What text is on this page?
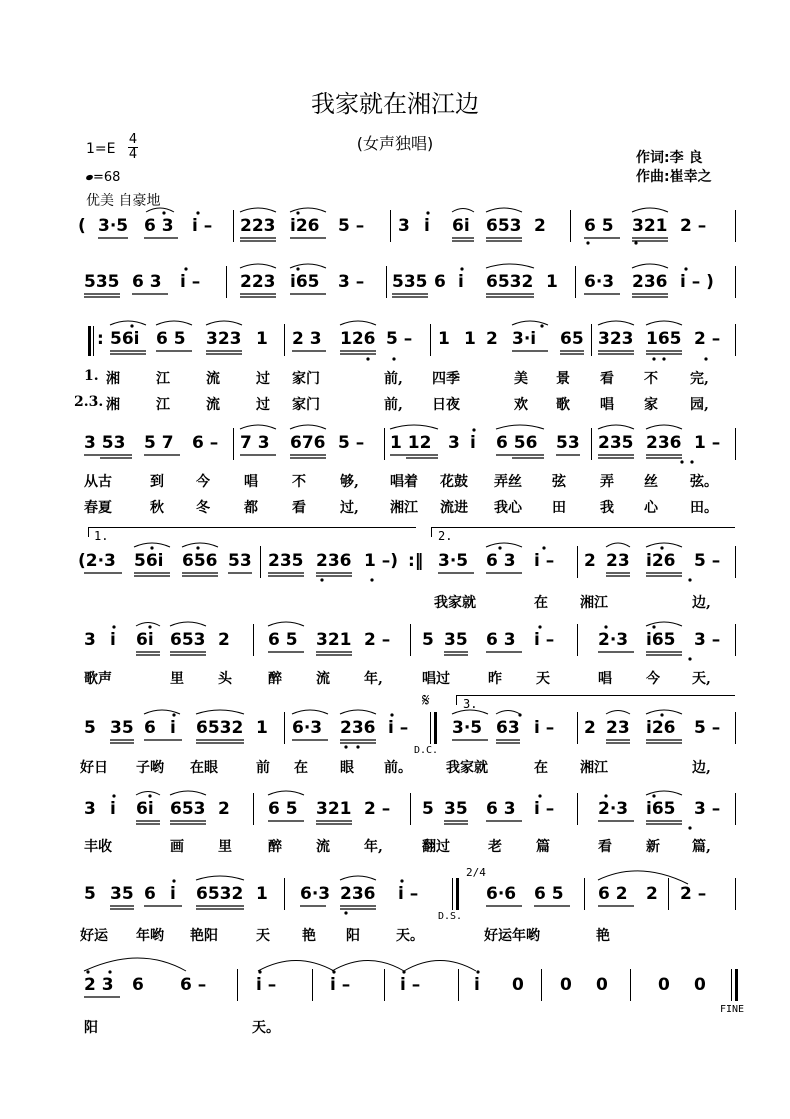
我家就在湘江边
(女声独唱)
作词:李 良
作曲:崔幸之
1=E
4
4
=68
优美 自豪地
( 3·5 6 3 i – 223 i26 5 – 3 i 6i 653 2 6 5 321 2 –
535 6 3 i – 223 i65 3 – 535 6 i 6532 1 6·3 236 i – )
: 56i 6 5 323 1 2 3 126 5 – 1 1 2 3·i 65 323 165 2 –
1. 湘	江	流	过 家门	前, 四季	美 景 看 不 完,
2.3. 湘	江	流	过 家门	前, 日夜	欢 歌 唱 家 园,
3 53 5 7 6 – 7 3 676 5 – 1 12 3 i 6 56 53 235 236 1 –
从古	到 今 唱 不 够, 唱着 花鼓 弄丝 弦 弄 丝 弦。
春夏	秋 冬 都 看 过, 湘江 流进 我心 田 我 心 田。
1.	2.
(2·3 56i 656 53 235 236 1 –) :‖ 3·5 6 3 i – 2 23 i26 5 –
我家就	在 湘江	边,
3 i 6i 653 2 6 5 321 2 – 5 35 6 3 i –	2·3 i65 3 –
歌声	里 头	醉 流 年,	唱过	昨 天	唱 今 天,
𝄋	3.
5 35 6 i 6532 1 6·3 236 i –	3·5 63 i – 2 23 i26 5 –
D.C.
好日 子哟 在眼	前 在 眼 前。 我家就	在 湘江	边,
3 i 6i 653 2 6 5 321 2 – 5 35 6 3 i –	2·3 i65 3 –
丰收	画 里	醉 流 年,	翻过	老 篇	看 新 篇,
2/4
5 35 6 i 6532 1 6·3 236 i –	6·6 6 5 6 2 2 2 –
D.S.
好运 年哟 艳阳	天 艳 阳	天。	好运年哟	艳
2 3 6 6 –	i –	i –	i –	i 0 0 0	0 0
FINE
阳	天。
